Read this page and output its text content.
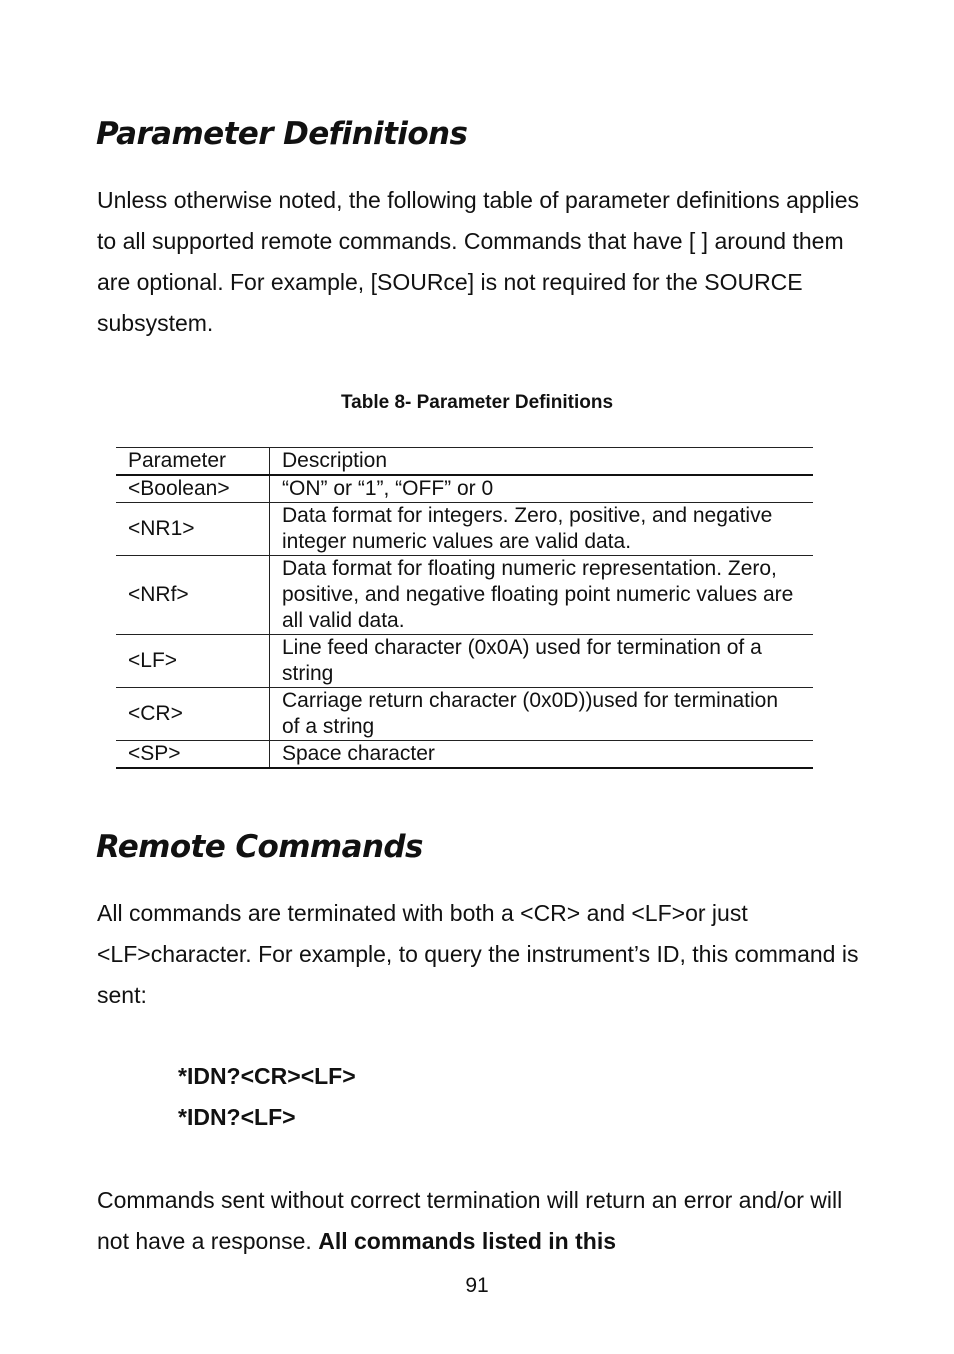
Parameter Definitions

Unless otherwise noted, the following table of parameter definitions applies to all supported remote commands. Commands that have [ ] around them are optional. For example, [SOURce] is not required for the SOURCE subsystem.

Table 8- Parameter Definitions

Parameter	Description
<Boolean>	“ON” or “1”, “OFF” or 0
<NR1>	Data format for integers. Zero, positive, and negative integer numeric values are valid data.
<NRf>	Data format for floating numeric representation. Zero, positive, and negative floating point numeric values are all valid data.
<LF>	Line feed character (0x0A) used for termination of a string
<CR>	Carriage return character (0x0D))used for termination of a string
<SP>	Space character
Remote Commands

All commands are terminated with both a <CR> and <LF>or just <LF>character. For example, to query the instrument’s ID, this command is sent:

*IDN?<CR><LF>

*IDN?<LF>

Commands sent without correct termination will return an error and/or will not have a response. All commands listed in this

91
